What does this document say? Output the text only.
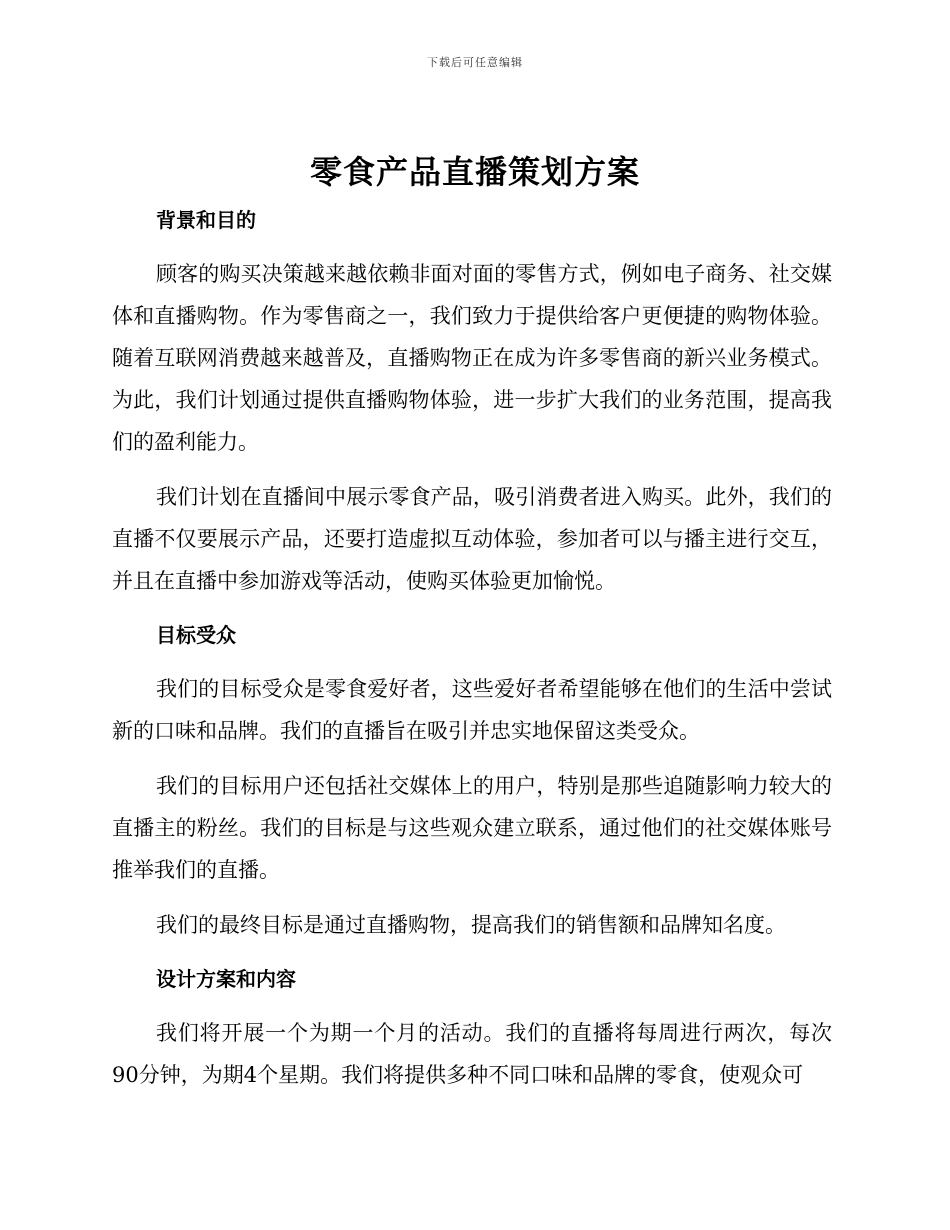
下载后可任意编辑
零食产品直播策划方案
背景和目的

顾客的购买决策越来越依赖非面对面的零售方式，例如电子商务、社交媒体和直播购物。作为零售商之一，我们致力于提供给客户更便捷的购物体验。随着互联网消费越来越普及，直播购物正在成为许多零售商的新兴业务模式。为此，我们计划通过提供直播购物体验，进一步扩大我们的业务范围，提高我们的盈利能力。

我们计划在直播间中展示零食产品，吸引消费者进入购买。此外，我们的直播不仅要展示产品，还要打造虚拟互动体验，参加者可以与播主进行交互，并且在直播中参加游戏等活动，使购买体验更加愉悦。

目标受众

我们的目标受众是零食爱好者，这些爱好者希望能够在他们的生活中尝试新的口味和品牌。我们的直播旨在吸引并忠实地保留这类受众。

我们的目标用户还包括社交媒体上的用户，特别是那些追随影响力较大的直播主的粉丝。我们的目标是与这些观众建立联系，通过他们的社交媒体账号推举我们的直播。

我们的最终目标是通过直播购物，提高我们的销售额和品牌知名度。

设计方案和内容

我们将开展一个为期一个月的活动。我们的直播将每周进行两次，每次90分钟，为期4个星期。我们将提供多种不同口味和品牌的零食，使观众可
